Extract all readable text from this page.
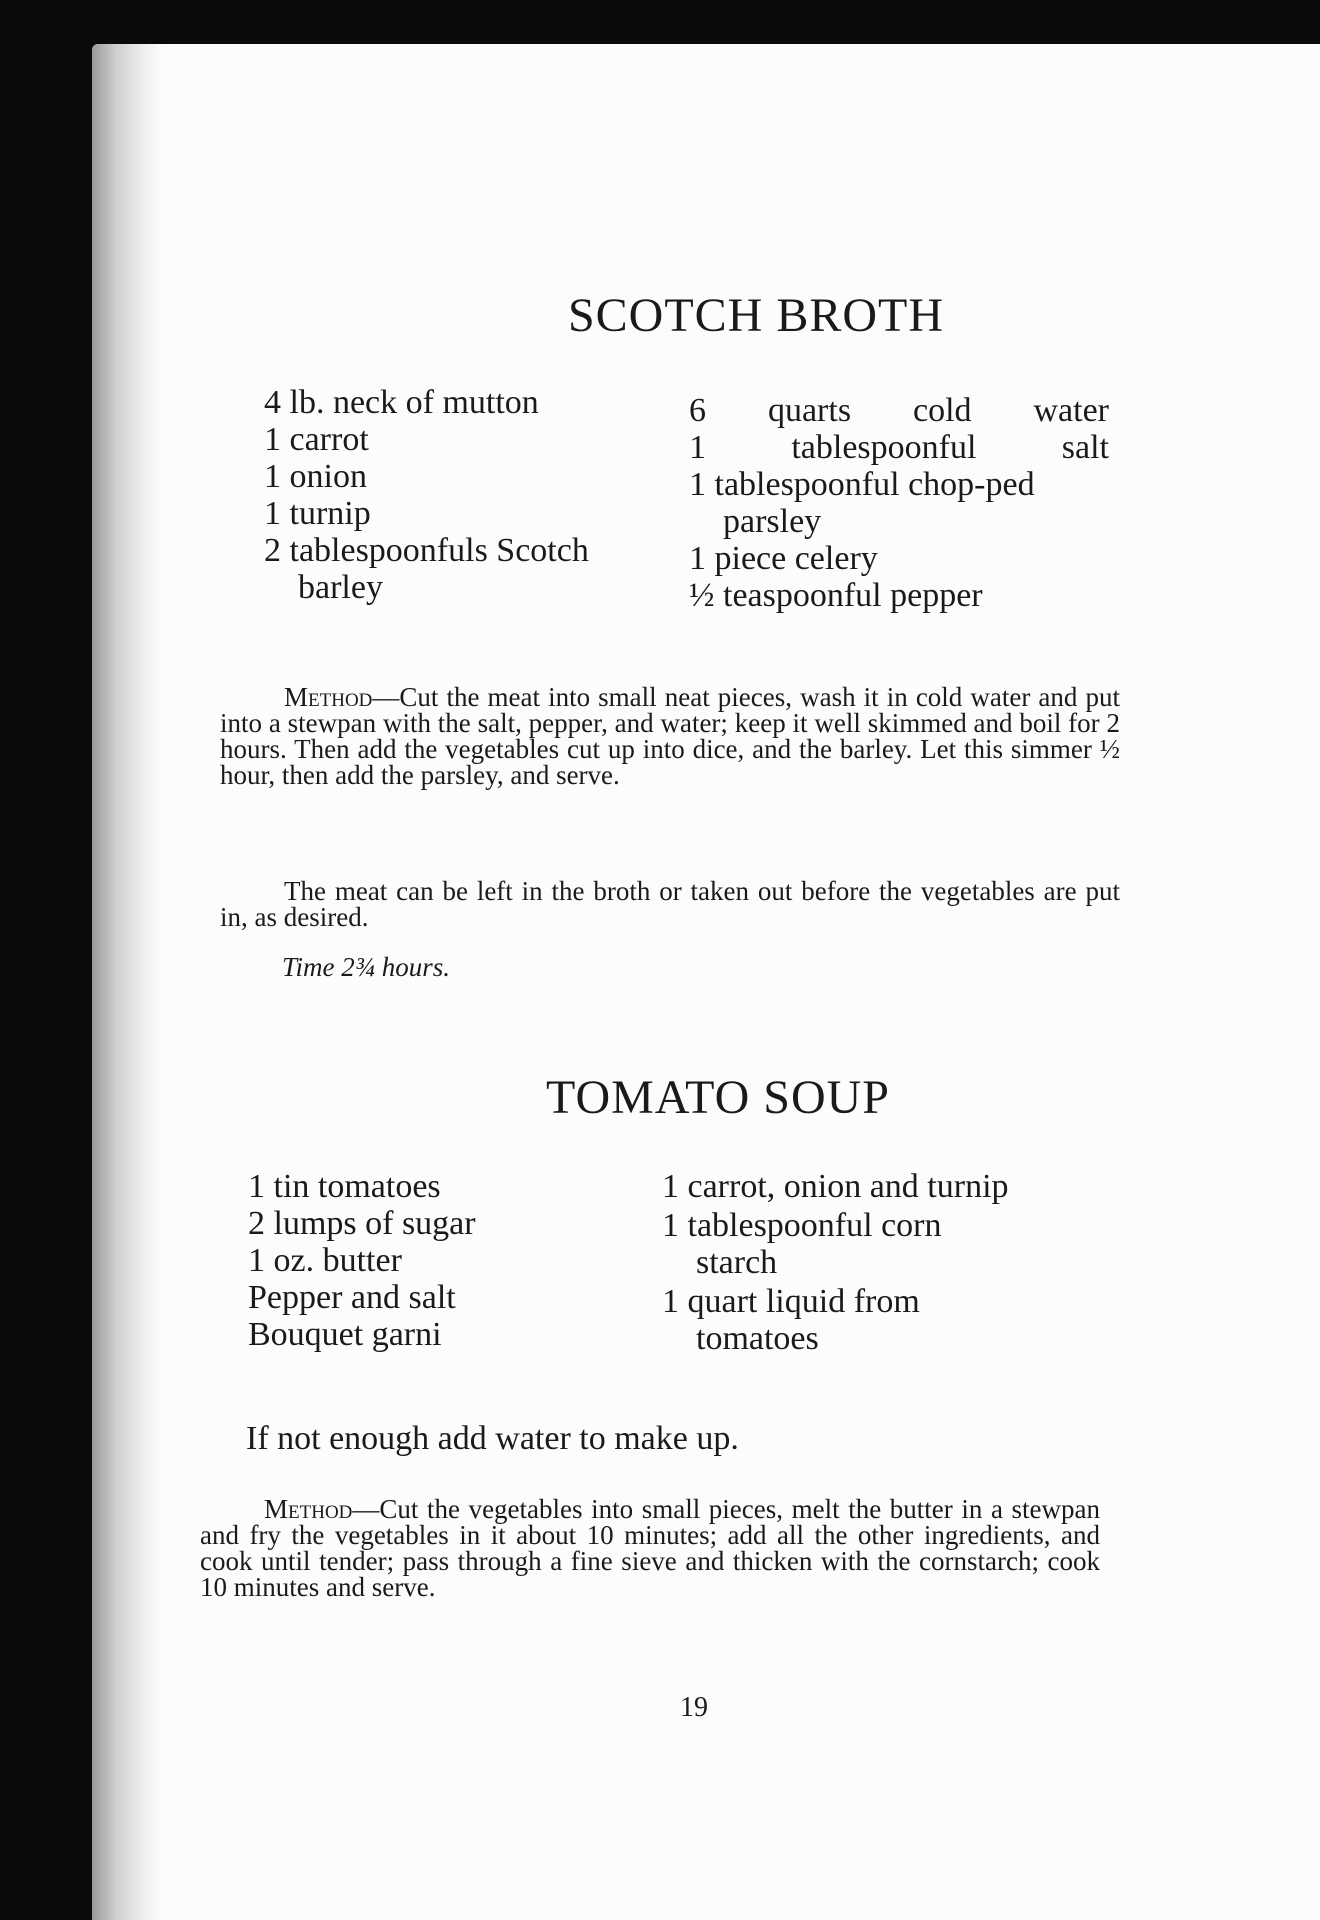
SCOTCH BROTH
4 lb. neck of mutton
1 carrot
1 onion
1 turnip
2 tablespoonfuls Scotch barley
6 quarts cold water
1 tablespoonful salt
1 tablespoonful chop-ped parsley
1 piece celery
½ teaspoonful pepper

Method—Cut the meat into small neat pieces, wash it in cold water and put into a stewpan with the salt, pepper, and water; keep it well skimmed and boil for 2 hours. Then add the vegetables cut up into dice, and the barley. Let this simmer ½ hour, then add the parsley, and serve.

The meat can be left in the broth or taken out before the vegetables are put in, as desired.

Time 2¾ hours.

TOMATO SOUP
1 tin tomatoes
2 lumps of sugar
1 oz. butter
Pepper and salt
Bouquet garni
1 carrot, onion and turnip
1 tablespoonful corn starch
1 quart liquid from tomatoes

If not enough add water to make up.

Method—Cut the vegetables into small pieces, melt the butter in a stewpan and fry the vegetables in it about 10 minutes; add all the other ingredients, and cook until tender; pass through a fine sieve and thicken with the cornstarch; cook 10 minutes and serve.

19
